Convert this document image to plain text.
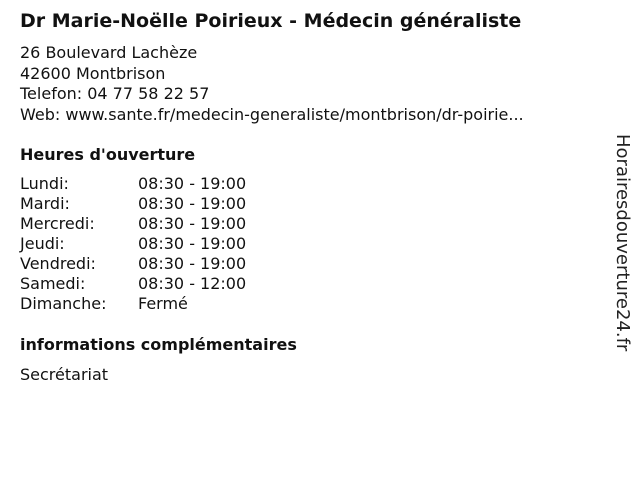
Dr Marie-Noëlle Poirieux - Médecin généraliste
26 Boulevard Lachèze
42600 Montbrison
Telefon: 04 77 58 22 57
Web: www.sante.fr/medecin-generaliste/montbrison/dr-poirie...
Heures d'ouverture
Lundi:	08:30 - 19:00
Mardi:	08:30 - 19:00
Mercredi:	08:30 - 19:00
Jeudi:	08:30 - 19:00
Vendredi:	08:30 - 19:00
Samedi:	08:30 - 12:00
Dimanche: Fermé
informations complémentaires
Secrétariat
Horairesdouverture24.fr
